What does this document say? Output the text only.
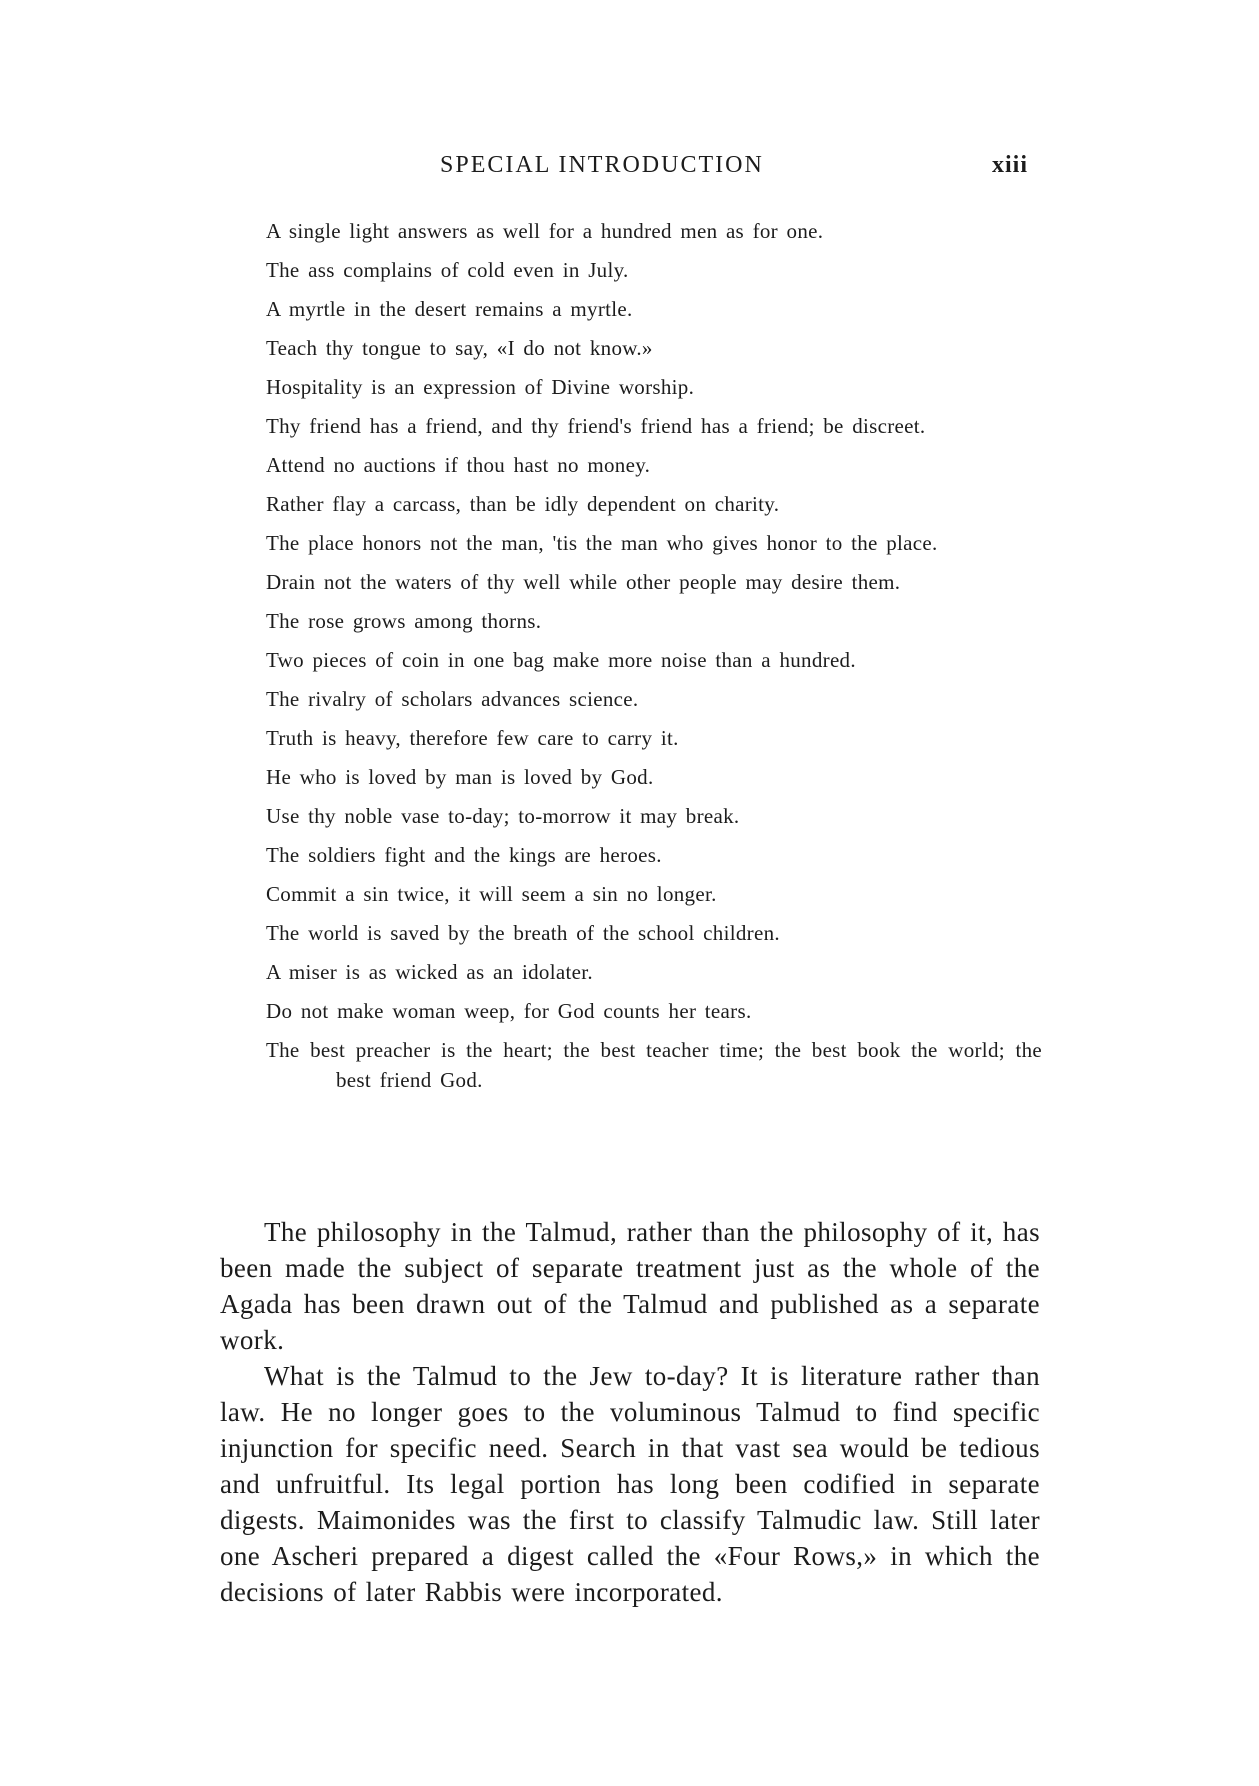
SPECIAL INTRODUCTION	xiii
A single light answers as well for a hundred men as for one.
The ass complains of cold even in July.
A myrtle in the desert remains a myrtle.
Teach thy tongue to say, «I do not know.»
Hospitality is an expression of Divine worship.
Thy friend has a friend, and thy friend's friend has a friend; be discreet.
Attend no auctions if thou hast no money.
Rather flay a carcass, than be idly dependent on charity.
The place honors not the man, 'tis the man who gives honor to the place.
Drain not the waters of thy well while other people may desire them.
The rose grows among thorns.
Two pieces of coin in one bag make more noise than a hundred.
The rivalry of scholars advances science.
Truth is heavy, therefore few care to carry it.
He who is loved by man is loved by God.
Use thy noble vase to-day; to-morrow it may break.
The soldiers fight and the kings are heroes.
Commit a sin twice, it will seem a sin no longer.
The world is saved by the breath of the school children.
A miser is as wicked as an idolater.
Do not make woman weep, for God counts her tears.
The best preacher is the heart; the best teacher time; the best book the world; the best friend God.

The philosophy in the Talmud, rather than the philosophy of it, has been made the subject of separate treatment just as the whole of the Agada has been drawn out of the Talmud and published as a separate work.

What is the Talmud to the Jew to-day? It is literature rather than law. He no longer goes to the voluminous Talmud to find specific injunction for specific need. Search in that vast sea would be tedious and unfruitful. Its legal portion has long been codified in separate digests. Maimonides was the first to classify Talmudic law. Still later one Ascheri prepared a digest called the «Four Rows,» in which the decisions of later Rabbis were incorporated.
